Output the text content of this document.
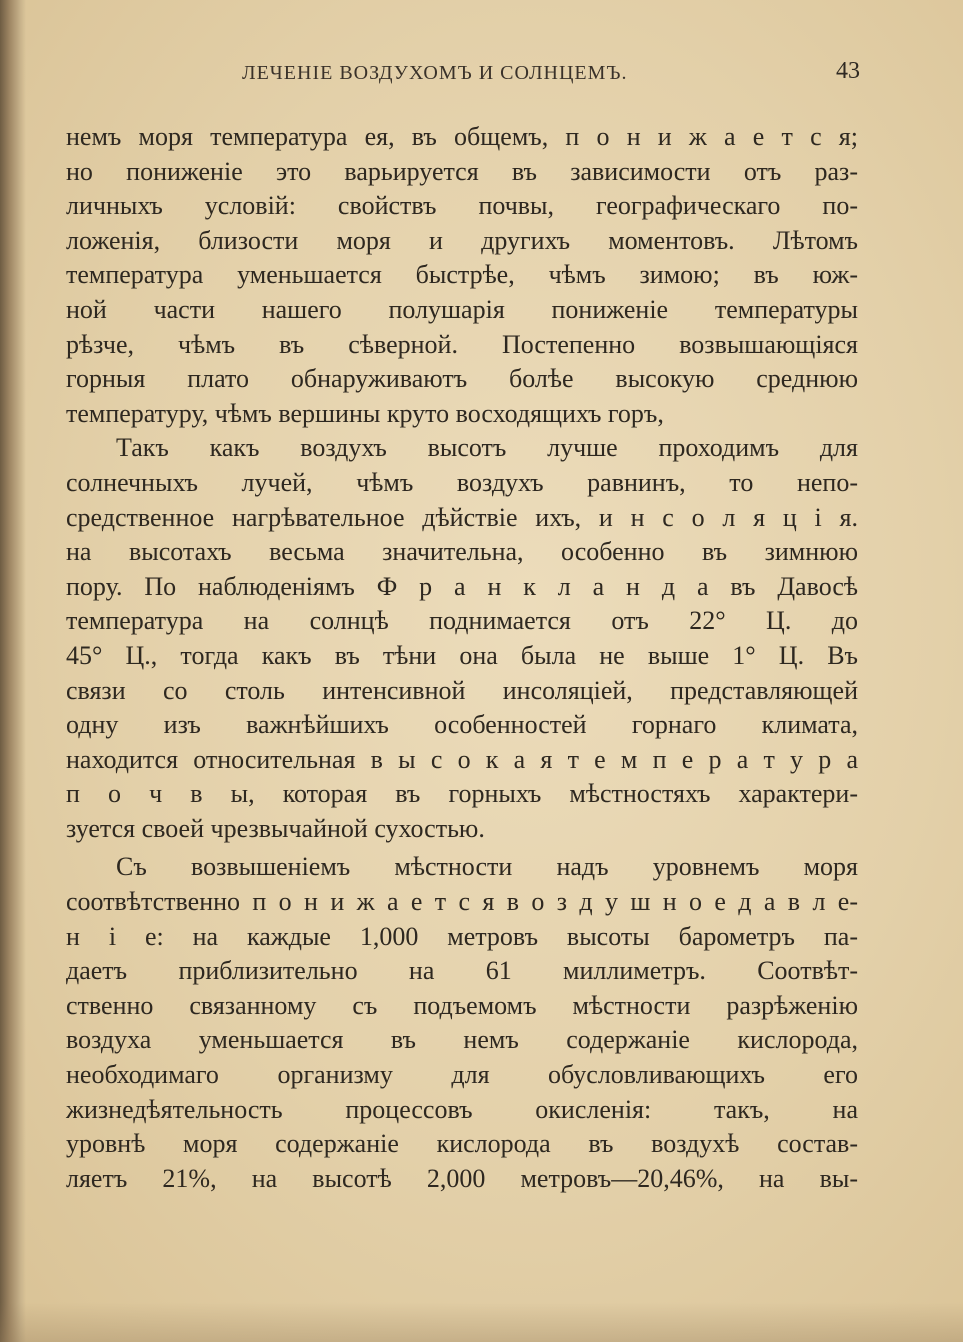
ЛЕЧЕНІЕ ВОЗДУХОМЪ И СОЛНЦЕМЪ.	43
немъ моря температура ея, въ общемъ, п о н и ж а е т с я;
но пониженіе это варьируется въ зависимости отъ раз-
личныхъ условій: свойствъ почвы, географическаго по-
ложенія, близости моря и другихъ моментовъ. Лѣтомъ
температура уменьшается быстрѣе, чѣмъ зимою; въ юж-
ной части нашего полушарія пониженіе температуры
рѣзче, чѣмъ въ сѣверной. Постепенно возвышающіяся
горныя плато обнаруживаютъ болѣе высокую среднюю
температуру, чѣмъ вершины круто восходящихъ горъ,
Такъ какъ воздухъ высотъ лучше проходимъ для
солнечныхъ лучей, чѣмъ воздухъ равнинъ, то непо-
средственное нагрѣвательное дѣйствіе ихъ, и н с о л я ц і я.
на высотахъ весьма значительна, особенно въ зимнюю
пору. По наблюденіямъ Ф р а н к л а н д а въ Давосѣ
температура на солнцѣ поднимается отъ 22° Ц. до
45° Ц., тогда какъ въ тѣни она была не выше 1° Ц. Въ
связи со столь интенсивной инсоляціей, представляющей
одну изъ важнѣйшихъ особенностей горнаго климата,
находится относительная в ы с о к а я т е м п е р а т у р а
п о ч в ы, которая въ горныхъ мѣстностяхъ характери-
зуется своей чрезвычайной сухостью.
Съ возвышеніемъ мѣстности надъ уровнемъ моря
соотвѣтственно п о н и ж а е т с я в о з д у ш н о е д а в л е-
н і е: на каждые 1,000 метровъ высоты барометръ па-
даетъ приблизительно на 61 миллиметръ. Соотвѣт-
ственно связанному съ подъемомъ мѣстности разрѣженію
воздуха уменьшается въ немъ содержаніе кислорода,
необходимаго организму для обусловливающихъ его
жизнедѣятельность процессовъ окисленія: такъ, на
уровнѣ моря содержаніе кислорода въ воздухѣ состав-
ляетъ 21%, на высотѣ 2,000 метровъ—20,46%, на вы-
